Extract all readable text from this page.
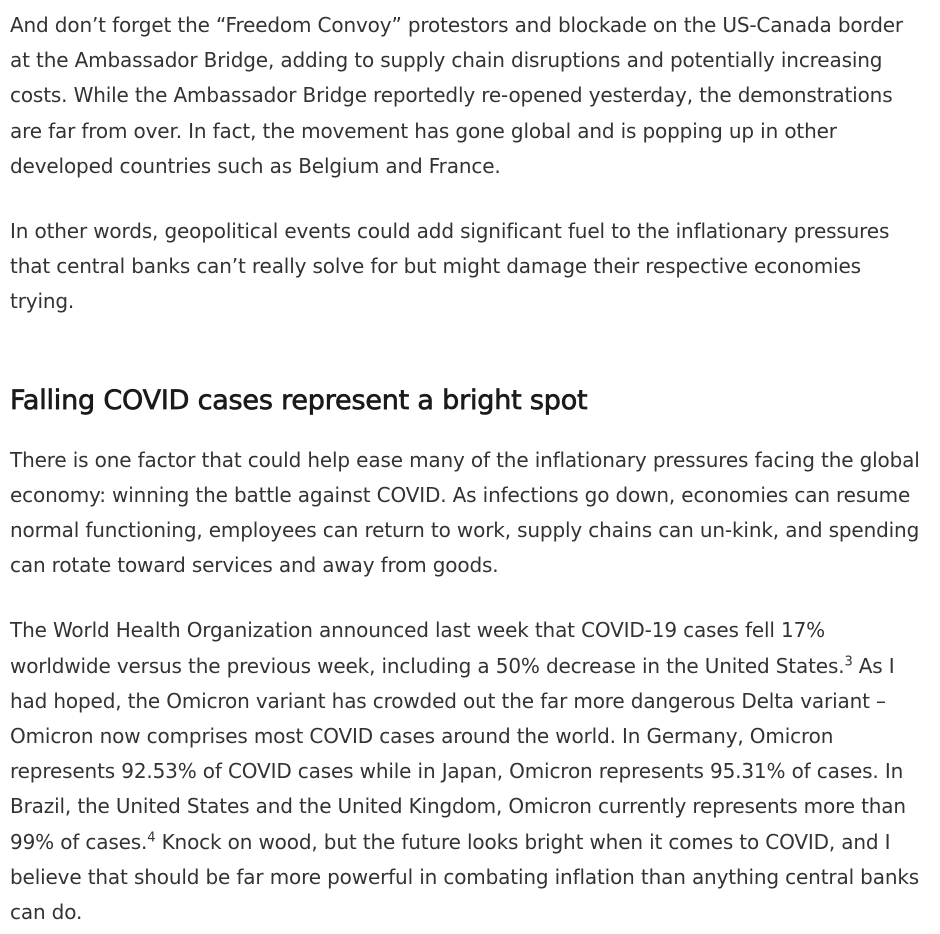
And don’t forget the “Freedom Convoy” protestors and blockade on the US-Canada border at the Ambassador Bridge, adding to supply chain disruptions and potentially increasing costs. While the Ambassador Bridge reportedly re-opened yesterday, the demonstrations are far from over. In fact, the movement has gone global and is popping up in other developed countries such as Belgium and France.

In other words, geopolitical events could add significant fuel to the inflationary pressures that central banks can’t really solve for but might damage their respective economies trying.

Falling COVID cases represent a bright spot

There is one factor that could help ease many of the inflationary pressures facing the global economy: winning the battle against COVID. As infections go down, economies can resume normal functioning, employees can return to work, supply chains can un-kink, and spending can rotate toward services and away from goods.

The World Health Organization announced last week that COVID-19 cases fell 17% worldwide versus the previous week, including a 50% decrease in the United States.$^3$ As I had hoped, the Omicron variant has crowded out the far more dangerous Delta variant – Omicron now comprises most COVID cases around the world. In Germany, Omicron represents 92.53% of COVID cases while in Japan, Omicron represents 95.31% of cases. In Brazil, the United States and the United Kingdom, Omicron currently represents more than 99% of cases.$^4$ Knock on wood, but the future looks bright when it comes to COVID, and I believe that should be far more powerful in combating inflation than anything central banks can do.
